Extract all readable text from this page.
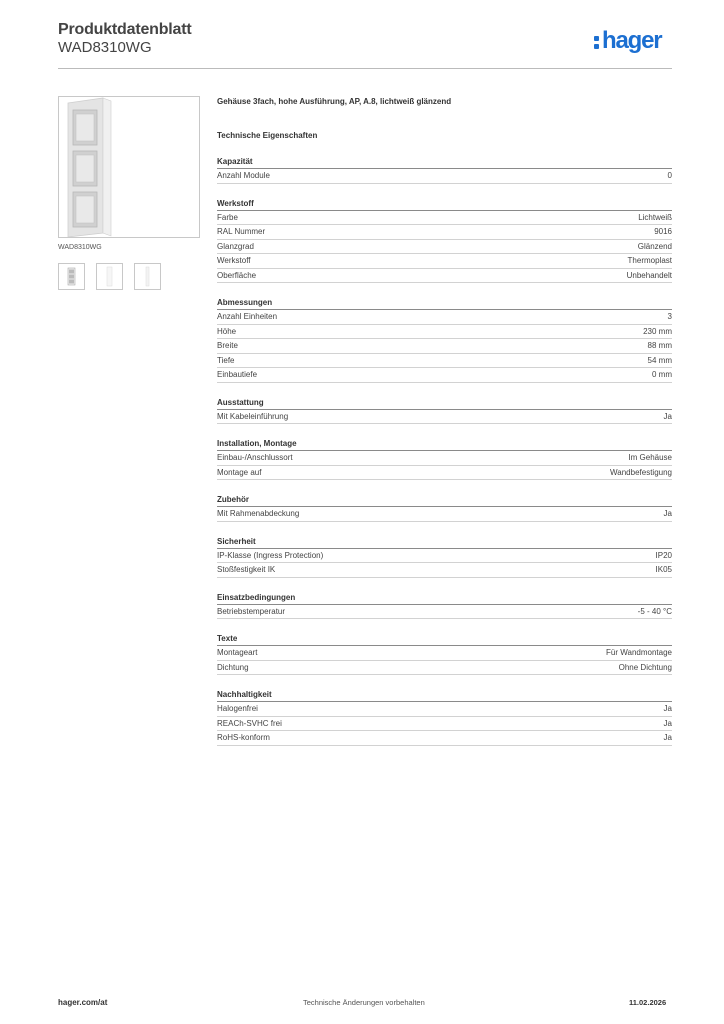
Produktdatenblatt
WAD8310WG	hager
WAD8310WG
Gehäuse 3fach, hohe Ausführung, AP, A.8, lichtweiß glänzend
Technische Eigenschaften
Kapazität
Anzahl Module	0
Werkstoff
Farbe	Lichtweiß
RAL Nummer	9016
Glanzgrad	Glänzend
Werkstoff	Thermoplast
Oberfläche	Unbehandelt
Abmessungen
Anzahl Einheiten	3
Höhe	230 mm
Breite	88 mm
Tiefe	54 mm
Einbautiefe	0 mm
Ausstattung
Mit Kabeleinführung	Ja
Installation, Montage
Einbau-/Anschlussort	Im Gehäuse
Montage auf	Wandbefestigung
Zubehör
Mit Rahmenabdeckung	Ja
Sicherheit
IP-Klasse (Ingress Protection)	IP20
Stoßfestigkeit IK	IK05
Einsatzbedingungen
Betriebstemperatur	-5 - 40 °C
Texte
Montageart	Für Wandmontage
Dichtung	Ohne Dichtung
Nachhaltigkeit
Halogenfrei	Ja
REACh-SVHC frei	Ja
RoHS-konform	Ja
hager.com/at	Technische Änderungen vorbehalten	11.02.2026
